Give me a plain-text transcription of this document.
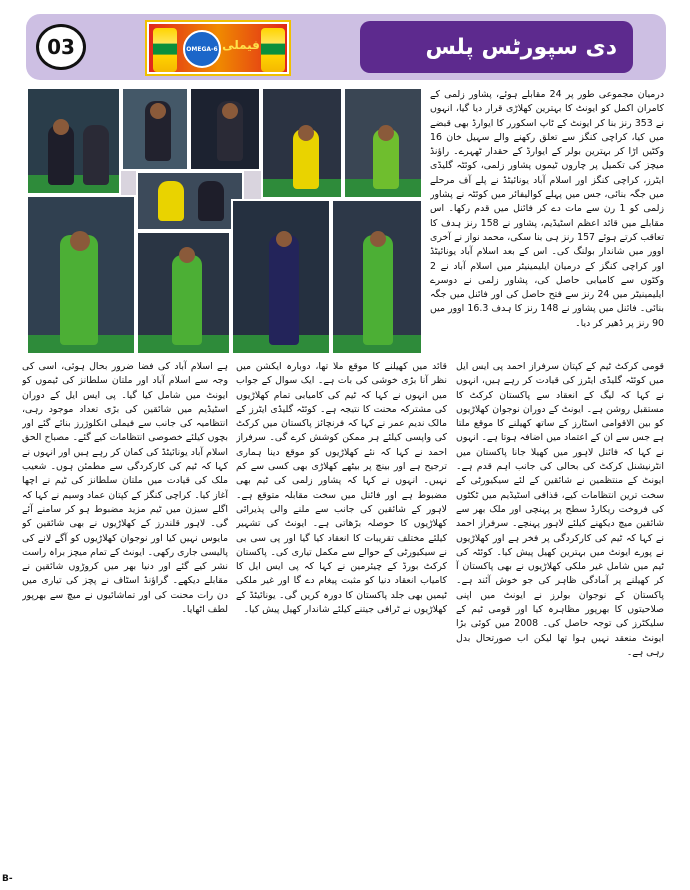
03	OMEGA-6 فیملی	دی سپورٹس پلس

درمیان مجموعی طور پر 24 مقابلے ہوئے، پشاور زلمی کے کامران اکمل کو ایونٹ کا بہترین کھلاڑی قرار دیا گیا، انہوں نے 353 رنز بنا کر ایونٹ کے ٹاپ اسکورر کا ایوارڈ بھی قبضے میں کیا، کراچی کنگز سے تعلق رکھنے والے سہیل خان 16 وکٹیں اڑا کر بہترین بولر کے ایوارڈ کے حقدار ٹھہرے۔ راؤنڈ میچز کی تکمیل پر چاروں ٹیموں پشاور زلمی، کوئٹہ گلیڈی ایٹرز، کراچی کنگز اور اسلام آباد یونائیٹڈ نے پلے آف مرحلے میں جگہ بنائی، جس میں پہلے کوالیفائر میں کوئٹہ نے پشاور زلمی کو 1 رن سے مات دے کر فائنل میں قدم رکھا۔ اس مقابلے میں قائد اعظم اسٹیڈیم، پشاور نے 158 رنز ہدف کا تعاقب کرتے ہوئے 157 رنز ہی بنا سکی، محمد نواز نے آخری اوور میں شاندار بولنگ کی۔ اس کے بعد اسلام آباد یونائیٹڈ اور کراچی کنگز کے درمیان ایلیمینیٹر میں اسلام آباد نے 2 وکٹوں سے کامیابی حاصل کی، پشاور زلمی نے دوسرے ایلیمینیٹر میں 24 رنز سے فتح حاصل کی اور فائنل میں جگہ بنائی۔ فائنل میں پشاور نے 148 رنز کا ہدف 16.3 اوور میں 90 رنز پر ڈھیر کر دیا۔

قومی کرکٹ ٹیم کے کپتان سرفراز احمد پی ایس ایل میں کوئٹہ گلیڈی ایٹرز کی قیادت کر رہے ہیں، انہوں نے کہا کہ لیگ کے انعقاد سے پاکستان کرکٹ کا مستقبل روشن ہے۔ ایونٹ کے دوران نوجوان کھلاڑیوں کو بین الاقوامی اسٹارز کے ساتھ کھیلنے کا موقع ملتا ہے جس سے ان کے اعتماد میں اضافہ ہوتا ہے۔ انہوں نے کہا کہ فائنل لاہور میں کھیلا جانا پاکستان میں انٹرنیشنل کرکٹ کی بحالی کی جانب اہم قدم ہے۔ ایونٹ کے منتظمین نے شائقین کے لئے سیکیورٹی کے سخت ترین انتظامات کیے، قذافی اسٹیڈیم میں ٹکٹوں کی فروخت ریکارڈ سطح پر پہنچی اور ملک بھر سے شائقین میچ دیکھنے کیلئے لاہور پہنچے۔ سرفراز احمد نے کہا کہ ٹیم کی کارکردگی پر فخر ہے اور کھلاڑیوں نے پورے ایونٹ میں بہترین کھیل پیش کیا۔ کوئٹہ کی ٹیم میں شامل غیر ملکی کھلاڑیوں نے بھی پاکستان آ کر کھیلنے پر آمادگی ظاہر کی جو خوش آئند ہے۔ پاکستان کے نوجوان بولرز نے ایونٹ میں اپنی صلاحیتوں کا بھرپور مظاہرہ کیا اور قومی ٹیم کے سلیکٹرز کی توجہ حاصل کی۔ 2008 میں کوئی بڑا ایونٹ منعقد نہیں ہوا تھا لیکن اب صورتحال بدل رہی ہے۔

قائد میں کھیلنے کا موقع ملا تھا، دوبارہ ایکشن میں نظر آنا بڑی خوشی کی بات ہے۔ ایک سوال کے جواب میں انہوں نے کہا کہ ٹیم کی کامیابی تمام کھلاڑیوں کی مشترکہ محنت کا نتیجہ ہے۔ کوئٹہ گلیڈی ایٹرز کے مالک ندیم عمر نے کہا کہ فرنچائز پاکستان میں کرکٹ کی واپسی کیلئے ہر ممکن کوشش کرے گی۔ سرفراز احمد نے کہا کہ نئے کھلاڑیوں کو موقع دینا ہماری ترجیح ہے اور بینچ پر بیٹھے کھلاڑی بھی کسی سے کم نہیں۔ انہوں نے کہا کہ پشاور زلمی کی ٹیم بھی مضبوط ہے اور فائنل میں سخت مقابلہ متوقع ہے۔ لاہور کے شائقین کی جانب سے ملنے والی پذیرائی کھلاڑیوں کا حوصلہ بڑھاتی ہے۔ ایونٹ کی تشہیر کیلئے مختلف تقریبات کا انعقاد کیا گیا اور پی سی بی نے سیکیورٹی کے حوالے سے مکمل تیاری کی۔ پاکستان کرکٹ بورڈ کے چیئرمین نے کہا کہ پی ایس ایل کا کامیاب انعقاد دنیا کو مثبت پیغام دے گا اور غیر ملکی ٹیمیں بھی جلد پاکستان کا دورہ کریں گی۔ یونائیٹڈ کے کھلاڑیوں نے ٹرافی جیتنے کیلئے شاندار کھیل پیش کیا۔

ہے اسلام آباد کی فضا ضرور بحال ہوئی، اسی کی وجہ سے اسلام آباد اور ملتان سلطانز کی ٹیموں کو ایونٹ میں شامل کیا گیا۔ پی ایس ایل کے دوران اسٹیڈیم میں شائقین کی بڑی تعداد موجود رہی، انتظامیہ کی جانب سے فیملی انکلوژرز بنائے گئے اور بچوں کیلئے خصوصی انتظامات کیے گئے۔ مصباح الحق اسلام آباد یونائیٹڈ کی کمان کر رہے ہیں اور انہوں نے کہا کہ ٹیم کی کارکردگی سے مطمئن ہوں۔ شعیب ملک کی قیادت میں ملتان سلطانز کی ٹیم نے اچھا آغاز کیا۔ کراچی کنگز کے کپتان عماد وسیم نے کہا کہ اگلے سیزن میں ٹیم مزید مضبوط ہو کر سامنے آئے گی۔ لاہور قلندرز کے کھلاڑیوں نے بھی شائقین کو مایوس نہیں کیا اور نوجوان کھلاڑیوں کو آگے لانے کی پالیسی جاری رکھی۔ ایونٹ کے تمام میچز براہ راست نشر کیے گئے اور دنیا بھر میں کروڑوں شائقین نے مقابلے دیکھے۔ گراؤنڈ اسٹاف نے پچز کی تیاری میں دن رات محنت کی اور تماشائیوں نے میچ سے بھرپور لطف اٹھایا۔

B-
